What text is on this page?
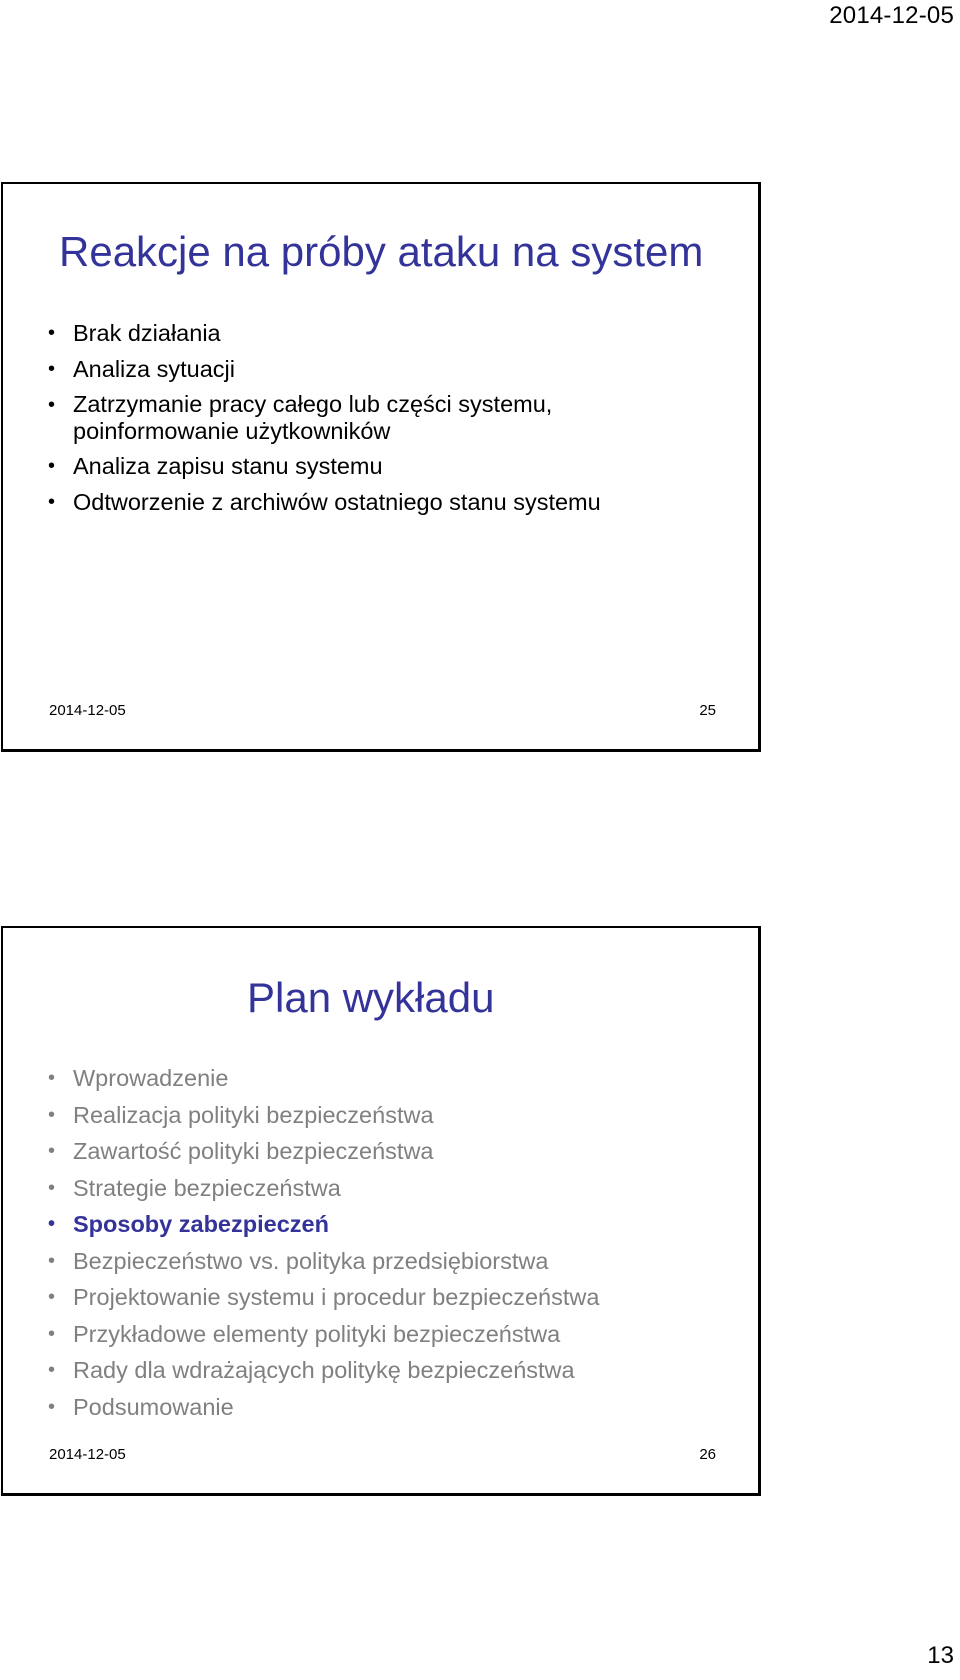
2014-12-05
Reakcje na próby ataku na system
• Brak działania
• Analiza sytuacji
• Zatrzymanie pracy całego lub części systemu,
poinformowanie użytkowników
• Analiza zapisu stanu systemu
• Odtworzenie z archiwów ostatniego stanu systemu
2014-12-05	25
Plan wykładu
• Wprowadzenie
• Realizacja polityki bezpieczeństwa
• Zawartość polityki bezpieczeństwa
• Strategie bezpieczeństwa
• Sposoby zabezpieczeń
• Bezpieczeństwo vs. polityka przedsiębiorstwa
• Projektowanie systemu i procedur bezpieczeństwa
• Przykładowe elementy polityki bezpieczeństwa
• Rady dla wdrażających politykę bezpieczeństwa
• Podsumowanie
2014-12-05	26
13
